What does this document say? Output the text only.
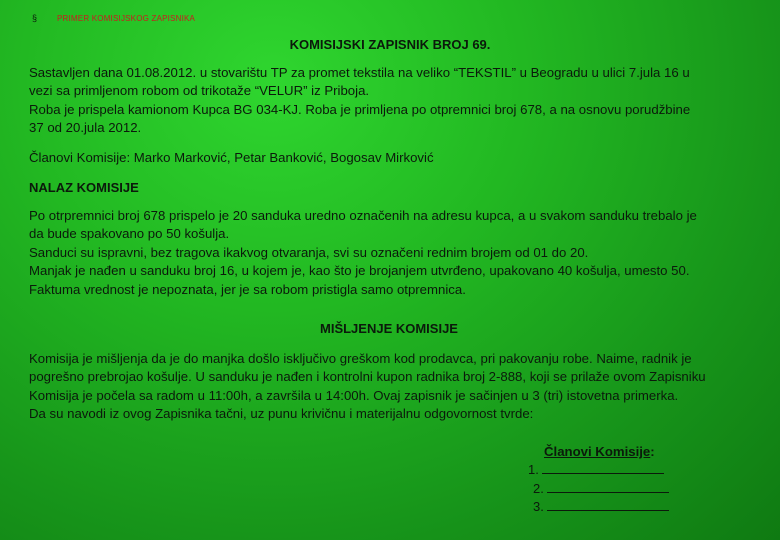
§ PRIMER KOMISIJSKOG ZAPISNIKA
KOMISIJSKI ZAPISNIK BROJ 69.
Sastavljen dana 01.08.2012. u stovarištu TP za promet tekstila na veliko “TEKSTIL” u Beogradu u ulici 7.jula 16 u
vezi sa primljenom robom od trikotaže “VELUR” iz Priboja.
Roba je prispela kamionom Kupca BG 034-KJ. Roba je primljena po otpremnici broj 678, a na osnovu porudžbine
37 od 20.jula 2012.
Članovi Komisije: Marko Marković, Petar Banković, Bogosav Mirković
NALAZ KOMISIJE
Po otrpremnici broj 678 prispelo je 20 sanduka uredno označenih na adresu kupca, a u svakom sanduku trebalo je
da bude spakovano po 50 košulja.
Sanduci su ispravni, bez tragova ikakvog otvaranja, svi su označeni rednim brojem od 01 do 20.
Manjak je nađen u sanduku broj 16, u kojem je, kao što je brojanjem utvrđeno, upakovano 40 košulja, umesto 50.
Faktuma vrednost je nepoznata, jer je sa robom pristigla samo otpremnica.
MIŠLJENJE KOMISIJE
Komisija je mišljenja da je do manjka došlo isključivo greškom kod prodavca, pri pakovanju robe. Naime, radnik je
pogrešno prebrojao košulje. U sanduku je nađen i kontrolni kupon radnika broj 2-888, koji se prilaže ovom Zapisniku
Komisija je počela sa radom u 11:00h, a završila u 14:00h. Ovaj zapisnik je sačinjen u 3 (tri) istovetna primerka.
Da su navodi iz ovog Zapisnika tačni, uz punu krivičnu i materijalnu odgovornost tvrde:
Članovi Komisije:
1.
2.
3.
